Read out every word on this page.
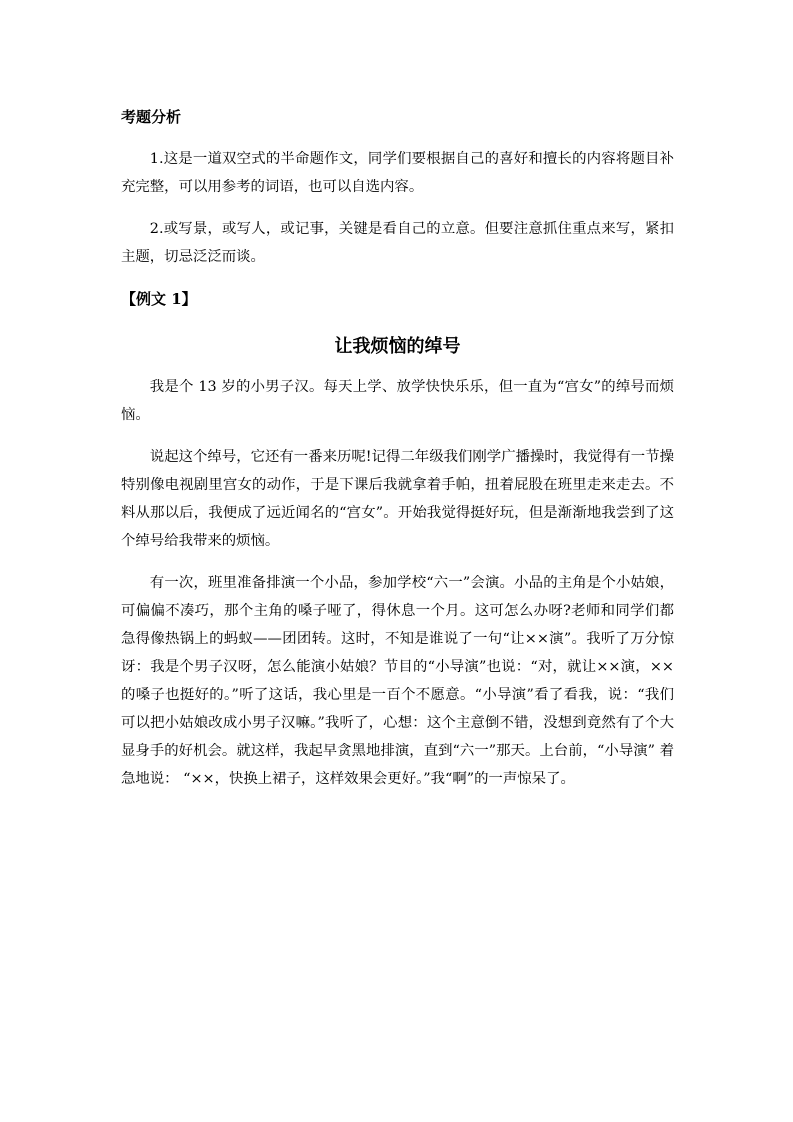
考题分析

1.这是一道双空式的半命题作文，同学们要根据自己的喜好和擅长的内容将题目补充完整，可以用参考的词语，也可以自选内容。

2.或写景，或写人，或记事，关键是看自己的立意。但要注意抓住重点来写，紧扣主题，切忌泛泛而谈。

【例文 1】

让我烦恼的绰号

我是个 13 岁的小男子汉。每天上学、放学快快乐乐，但一直为“宫女”的绰号而烦恼。

说起这个绰号，它还有一番来历呢!记得二年级我们刚学广播操时，我觉得有一节操特别像电视剧里宫女的动作，于是下课后我就拿着手帕，扭着屁股在班里走来走去。不料从那以后，我便成了远近闻名的“宫女”。开始我觉得挺好玩，但是渐渐地我尝到了这个绰号给我带来的烦恼。

有一次，班里准备排演一个小品，参加学校“六一”会演。小品的主角是个小姑娘，可偏偏不凑巧，那个主角的嗓子哑了，得休息一个月。这可怎么办呀?老师和同学们都急得像热锅上的蚂蚁——团团转。这时，不知是谁说了一句“让××演”。我听了万分惊讶：我是个男子汉呀，怎么能演小姑娘？节目的“小导演”也说：“对，就让××演，××的嗓子也挺好的。”听了这话，我心里是一百个不愿意。“小导演”看了看我，说：“我们可以把小姑娘改成小男子汉嘛。”我听了，心想：这个主意倒不错，没想到竟然有了个大显身手的好机会。就这样，我起早贪黑地排演，直到“六一”那天。上台前，“小导演” 着急地说： “××，快换上裙子，这样效果会更好。”我“啊”的一声惊呆了。
